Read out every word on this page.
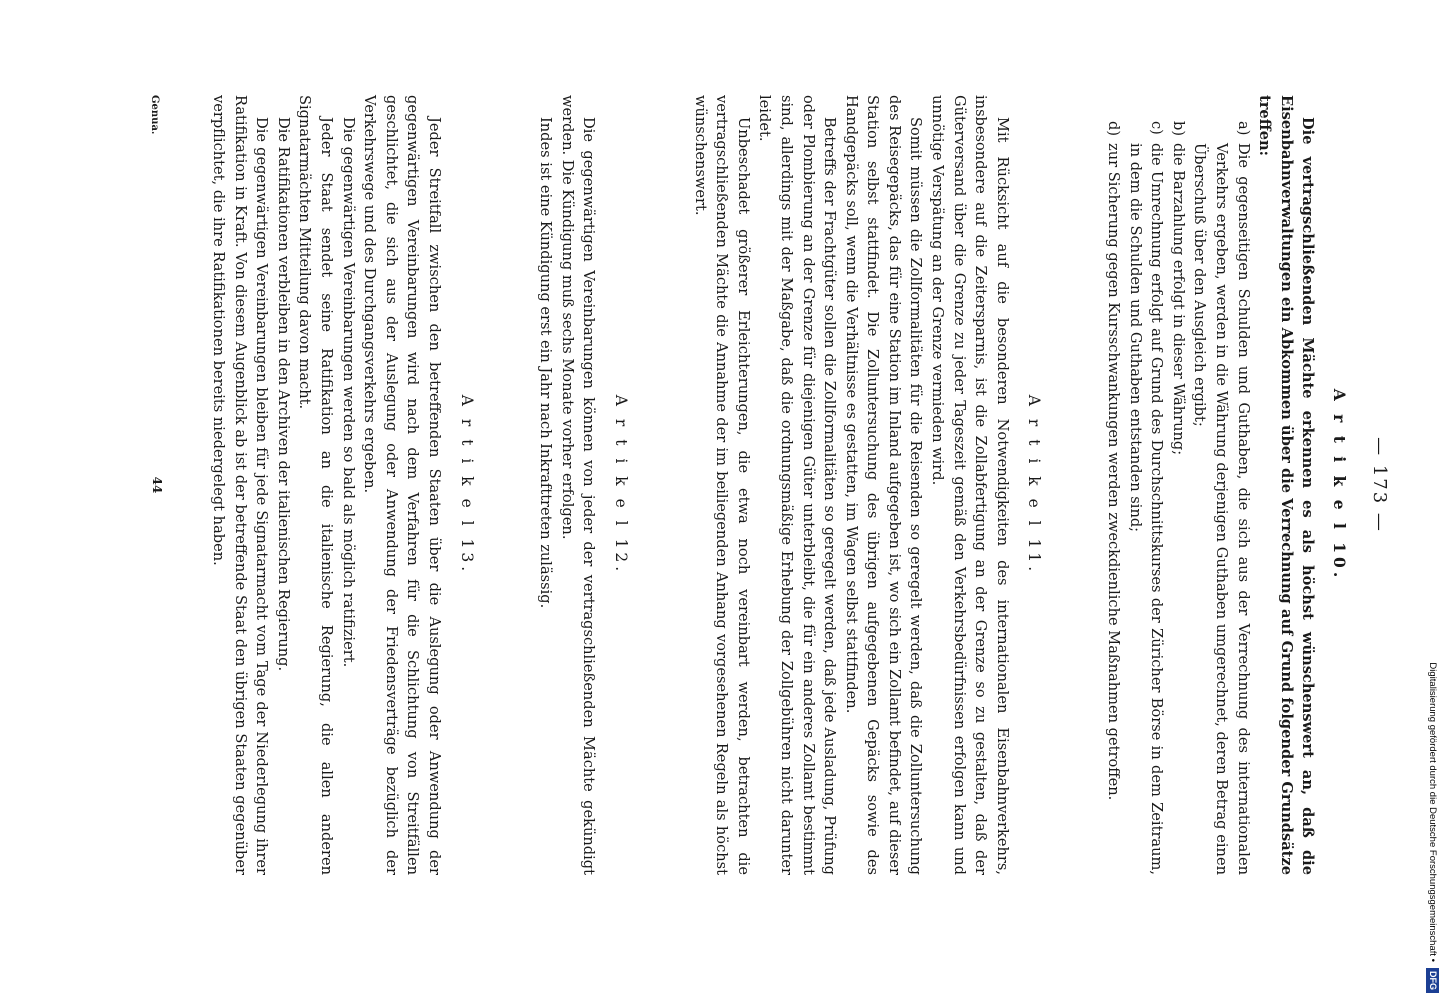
— 173 —
A r t i k e l 10.

Die vertragschließenden Mächte erkennen es als höchst wünschenswert an, daß die Eisenbahnverwaltungen ein Abkommen über die Verrechnung auf Grund folgender Grundsätze treffen:

a)
Die gegenseitigen Schulden und Guthaben, die sich aus der Verrechnung des internationalen Verkehrs ergeben, werden in die Währung derjenigen Guthaben umgerechnet, deren Betrag einen Überschuß über den Ausgleich ergibt;
b)
die Barzahlung erfolgt in dieser Währung;
c)
die Umrechnung erfolgt auf Grund des Durchschnittskurses der Züricher Börse in dem Zeitraum, in dem die Schulden und Guthaben entstanden sind;
d)
zur Sicherung gegen Kursschwankungen werden zweckdienliche Maßnahmen getroffen.
A r t i k e l 11.

Mit Rücksicht auf die besonderen Notwendigkeiten des internationalen Eisenbahnverkehrs, insbesondere auf die Zeitersparnis, ist die Zollabfertigung an der Grenze so zu gestalten, daß der Güterversand über die Grenze zu jeder Tageszeit gemäß den Verkehrsbedürfnissen erfolgen kann und unnötige Verspätung an der Grenze vermieden wird.

Somit müssen die Zollformalitäten für die Reisenden so geregelt werden, daß die Zolluntersuchung des Reisegepäcks, das für eine Station im Inland aufgegeben ist, wo sich ein Zollamt befindet, auf dieser Station selbst stattfindet. Die Zolluntersuchung des übrigen aufgegebenen Gepäcks sowie des Handgepäcks soll, wenn die Verhältnisse es gestatten, im Wagen selbst stattfinden.

Betreffs der Frachtgüter sollen die Zollformalitäten so geregelt werden, daß jede Ausladung, Prüfung oder Plombierung an der Grenze für diejenigen Güter unterbleibt, die für ein anderes Zollamt bestimmt sind, allerdings mit der Maßgabe, daß die ordnungsmäßige Erhebung der Zollgebühren nicht darunter leidet.

Unbeschadet größerer Erleichterungen, die etwa noch vereinbart werden, betrachten die vertragschließenden Mächte die Annahme der im beiliegenden Anhang vorgesehenen Regeln als höchst wünschenswert.

A r t i k e l 12.

Die gegenwärtigen Vereinbarungen können von jeder der vertragschließenden Mächte gekündigt werden. Die Kündigung muß sechs Monate vorher erfolgen.

Indes ist eine Kündigung erst ein Jahr nach Inkrafttreten zulässig.

A r t i k e l 13.

Jeder Streitfall zwischen den betreffenden Staaten über die Auslegung oder Anwendung der gegenwärtigen Vereinbarungen wird nach dem Verfahren für die Schlichtung von Streitfällen geschlichtet, die sich aus der Auslegung oder Anwendung der Friedensverträge bezüglich der Verkehrswege und des Durchgangsverkehrs ergeben.

Die gegenwärtigen Vereinbarungen werden so bald als möglich ratifiziert.

Jeder Staat sendet seine Ratifikation an die italienische Regierung, die allen anderen Signatarmächten Mitteilung davon macht.

Die Ratifikationen verbleiben in den Archiven der italienischen Regierung.

Die gegenwärtigen Vereinbarungen bleiben für jede Signatarmacht vom Tage der Niederlegung ihrer Ratifikation in Kraft. Von diesem Augenblick ab ist der betreffende Staat den übrigen Staaten gegenüber verpflichtet, die ihre Ratifikationen bereits niedergelegt haben.

Genua.
44
DFG
Digitalisierung gefördert durch die Deutsche Forschungsgemeinschaft •
